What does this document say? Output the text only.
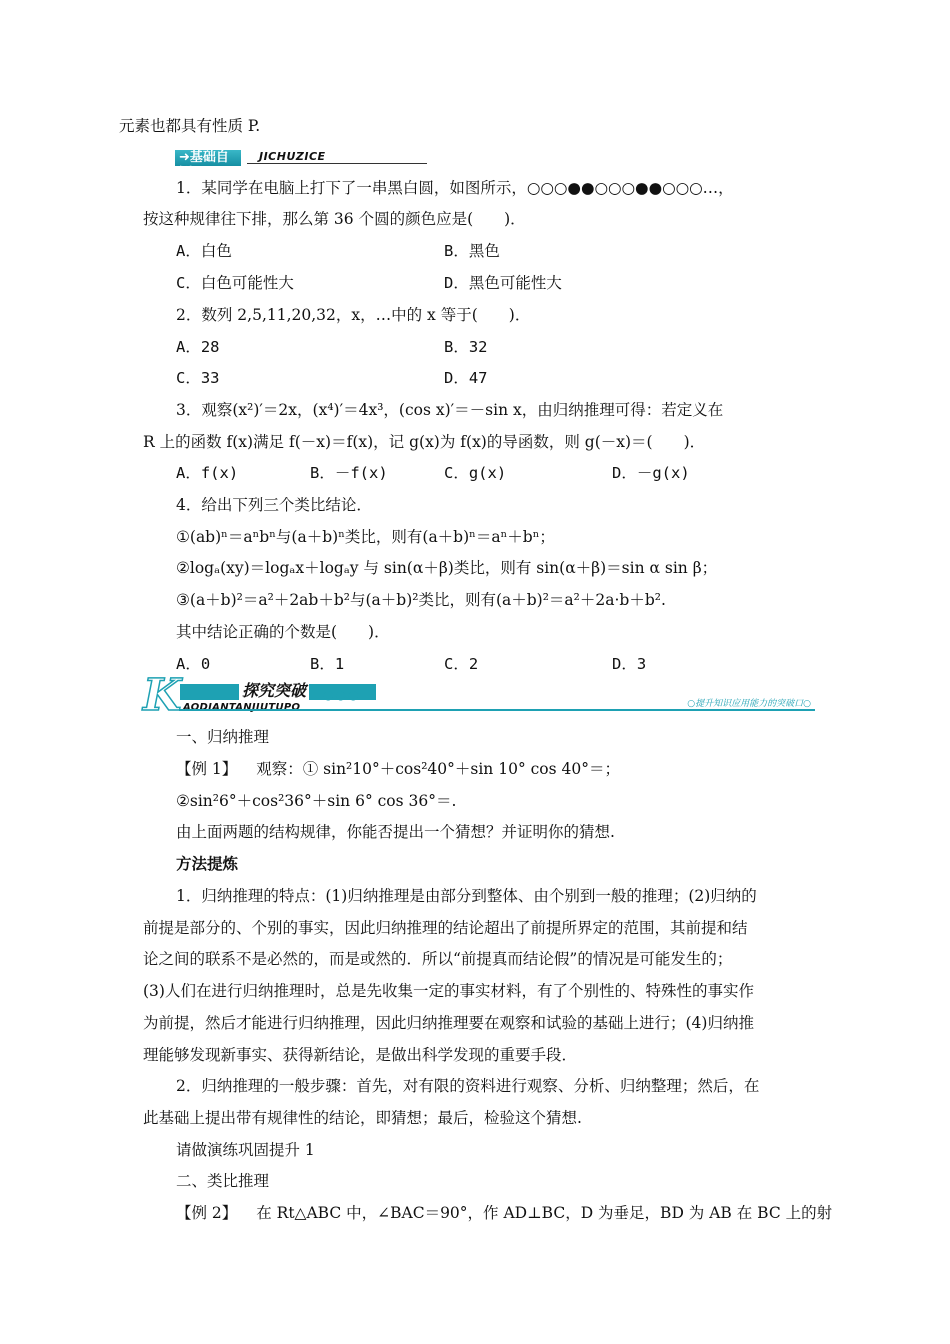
元素也都具有性质 P.
➜基础自测
JICHUZICE
1．某同学在电脑上打下了一串黑白圆，如图所示，○○○●●○○○●●○○○…，
按这种规律往下排，那么第 36 个圆的颜色应是(　　)．
A．白色	B．黑色
C．白色可能性大	D．黑色可能性大
2．数列 2,5,11,20,32，x，…中的 x 等于(　　)．
A．28	B．32
C．33	D．47
3．观察(x²)′＝2x，(x⁴)′＝4x³，(cos x)′＝－sin x，由归纳推理可得：若定义在
R 上的函数 f(x)满足 f(－x)＝f(x)，记 g(x)为 f(x)的导函数，则 g(－x)＝(　　)．
A．f(x)	B．－f(x)	C．g(x)	D．－g(x)
4．给出下列三个类比结论．
①(ab)ⁿ＝aⁿbⁿ与(a＋b)ⁿ类比，则有(a＋b)ⁿ＝aⁿ＋bⁿ；
②logₐ(xy)＝logₐx＋logₐy 与 sin(α＋β)类比，则有 sin(α＋β)＝sin α sin β；
③(a＋b)²＝a²＋2ab＋b²与(a＋b)²类比，则有(a＋b)²＝a²＋2a·b＋b².
其中结论正确的个数是(　　)．
A．0	B．1	C．2	D．3
K	探究突破 ●●●
AODIANTANJIUTUPO	○提升知识应用能力的突破口○
一、归纳推理
【例 1】 观察：① sin²10°＋cos²40°＋sin 10° cos 40°＝；
②sin²6°＋cos²36°＋sin 6° cos 36°＝.
由上面两题的结构规律，你能否提出一个猜想？并证明你的猜想.
方法提炼
1．归纳推理的特点：(1)归纳推理是由部分到整体、由个别到一般的推理；(2)归纳的
前提是部分的、个别的事实，因此归纳推理的结论超出了前提所界定的范围，其前提和结
论之间的联系不是必然的，而是或然的．所以“前提真而结论假”的情况是可能发生的；
(3)人们在进行归纳推理时，总是先收集一定的事实材料，有了个别性的、特殊性的事实作
为前提，然后才能进行归纳推理，因此归纳推理要在观察和试验的基础上进行；(4)归纳推
理能够发现新事实、获得新结论，是做出科学发现的重要手段．
2．归纳推理的一般步骤：首先，对有限的资料进行观察、分析、归纳整理；然后，在
此基础上提出带有规律性的结论，即猜想；最后，检验这个猜想.
请做演练巩固提升 1
二、类比推理
【例 2】 在 Rt△ABC 中，∠BAC＝90°，作 AD⊥BC，D 为垂足，BD 为 AB 在 BC 上的射
